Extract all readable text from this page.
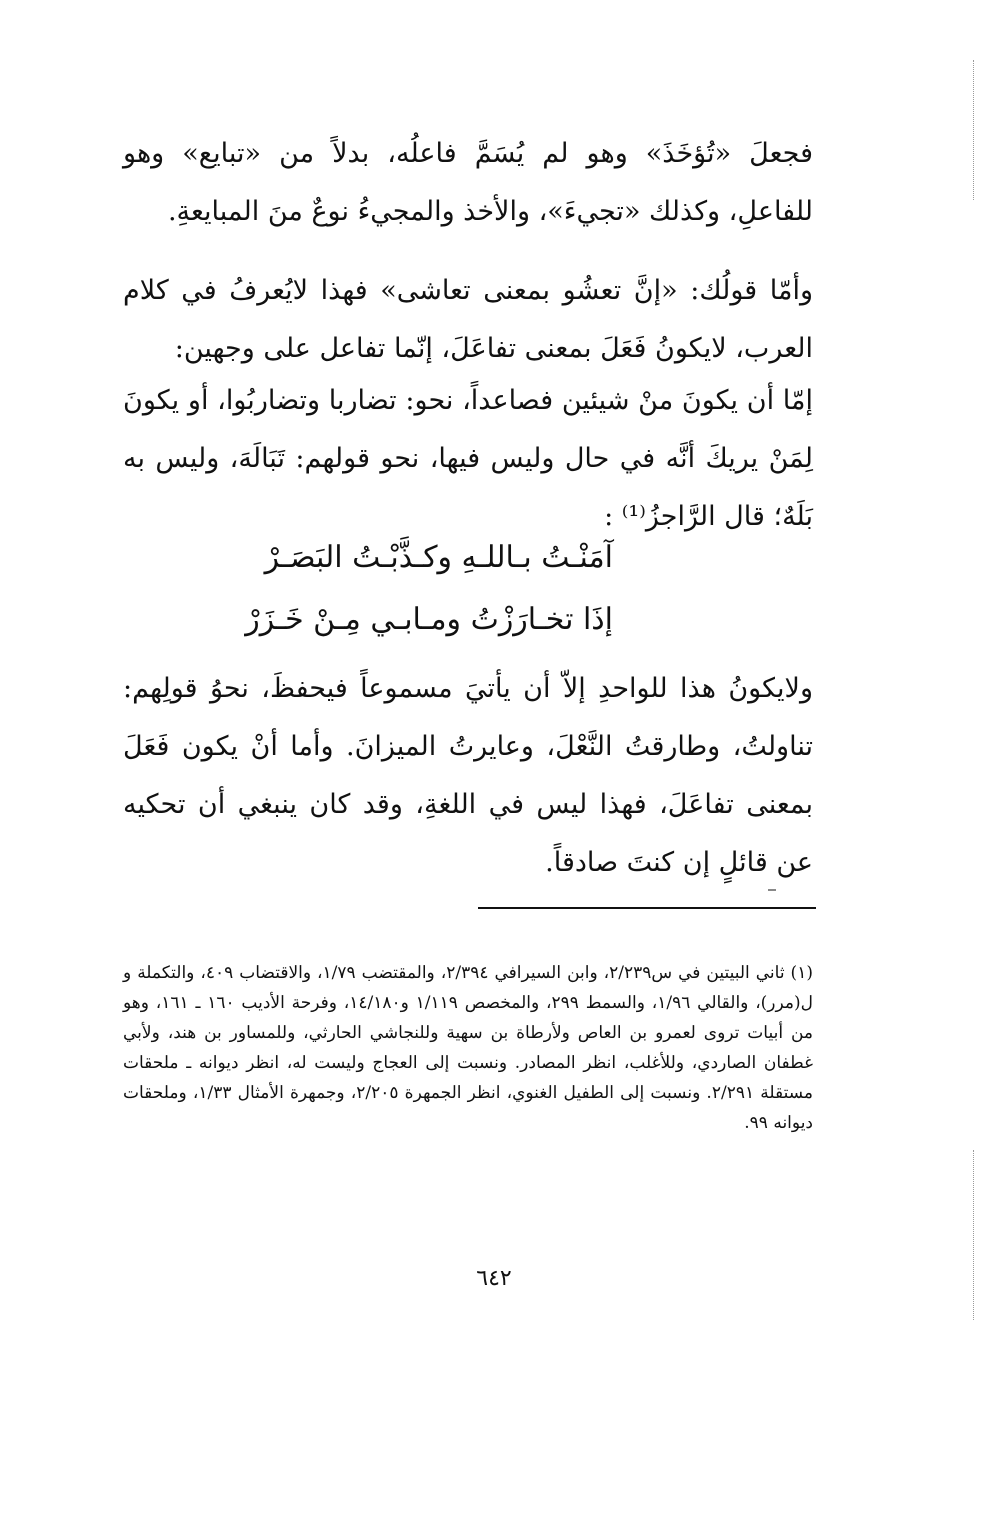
فجعلَ «تُؤخَذَ» وهو لم يُسَمَّ فاعلُه، بدلاً من «تبايع» وهو للفاعلِ، وكذلك «تجيءَ»، والأخذ والمجيءُ نوعٌ منَ المبايعةِ.

وأمّا قولُك: «إنَّ تعشُو بمعنى تعاشى» فهذا لايُعرفُ في كلام العرب، لايكونُ فَعَلَ بمعنى تفاعَلَ، إنّما تفاعل على وجهين:

إمّا أن يكونَ منْ شيئين فصاعداً، نحو: تضاربا وتضاربُوا، أو يكونَ لِمَنْ يريكَ أنَّه في حال وليس فيها، نحو قولهم: تَبَالَهَ، وليس به بَلَهٌ؛ قال الرَّاجزُ⁽¹⁾ :

آمَنْـتُ بـاللـهِ وكـذَّبْـتُ البَصَـرْ

إذَا تخـارَزْتُ ومـابـي مِـنْ خَـزَرْ

ولايكونُ هذا للواحدِ إلاّ أن يأتيَ مسموعاً فيحفظَ، نحوُ قولِهم: تناولتُ، وطارقتُ النَّعْلَ، وعايرتُ الميزانَ. وأما أنْ يكون فَعَلَ بمعنى تفاعَلَ، فهذا ليس في اللغةِ، وقد كان ينبغي أن تحكيه عن قائلٍ إن كنتَ صادقاً.

(١) ثاني البيتين في س٢/٢٣٩، وابن السيرافي ٢/٣٩٤، والمقتضب ١/٧٩، والاقتضاب ٤٠٩، والتكملة و ل(مرر)، والقالي ١/٩٦، والسمط ٢٩٩، والمخصص ١/١١٩ و١٤/١٨٠، وفرحة الأديب ١٦٠ ـ ١٦١، وهو من أبيات تروى لعمرو بن العاص ولأرطاة بن سهية وللنجاشي الحارثي، وللمساور بن هند، ولأبي غطفان الصاردي، وللأغلب، انظر المصادر. ونسبت إلى العجاج وليست له، انظر ديوانه ـ ملحقات مستقلة ٢/٢٩١. ونسبت إلى الطفيل الغنوي، انظر الجمهرة ٢/٢٠٥، وجمهرة الأمثال ١/٣٣، وملحقات ديوانه ٩٩.

٦٤٢
